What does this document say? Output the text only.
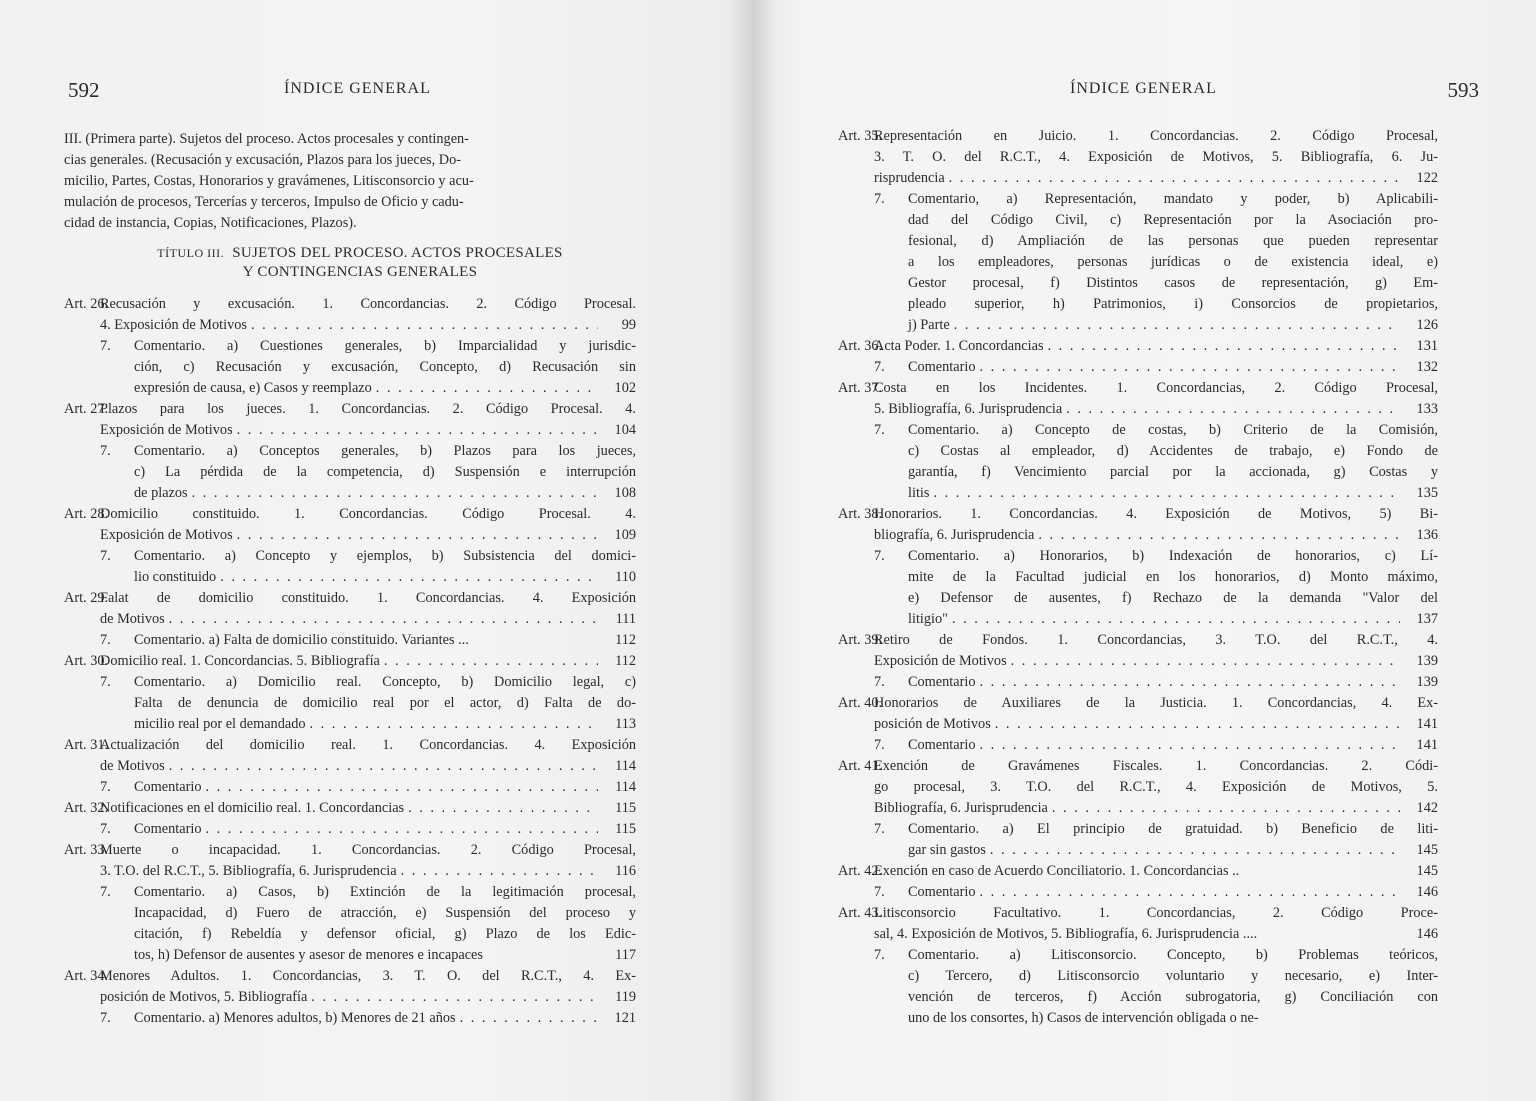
592	ÍNDICE GENERAL
III. (Primera parte). Sujetos del proceso. Actos procesales y contingen-
cias generales. (Recusación y excusación, Plazos para los jueces, Do-
micilio, Partes, Costas, Honorarios y gravámenes, Litisconsorcio y acu-
mulación de procesos, Tercerías y terceros, Impulso de Oficio y cadu-
cidad de instancia, Copias, Notificaciones, Plazos).
TÍTULO III. SUJETOS DEL PROCESO. ACTOS PROCESALES
Y CONTINGENCIAS GENERALES
Art. 26.
Recusación y excusación. 1. Concordancias. 2. Código Procesal.
4. Exposición de Motivos . . .	99
7. Comentario. a) Cuestiones generales, b) Imparcialidad y jurisdic-
ción, c) Recusación y excusación, Concepto, d) Recusación sin
expresión de causa, e) Casos y reemplazo . . .	102
Art. 27.
Plazos para los jueces. 1. Concordancias. 2. Código Procesal. 4.
Exposición de Motivos . . .	104
7. Comentario. a) Conceptos generales, b) Plazos para los jueces,
c) La pérdida de la competencia, d) Suspensión e interrupción
de plazos . . .	108
Art. 28.
Domicilio constituido. 1. Concordancias. Código Procesal. 4.
Exposición de Motivos . . .	109
7. Comentario. a) Concepto y ejemplos, b) Subsistencia del domici-
lio constituido . . .	110
Art. 29.
Falat de domicilio constituido. 1. Concordancias. 4. Exposición
de Motivos . . .	111
7. Comentario. a) Falta de domicilio constituido. Variantes ...	112
Art. 30.
Domicilio real. 1. Concordancias. 5. Bibliografía . . .	112
7. Comentario. a) Domicilio real. Concepto, b) Domicilio legal, c)
Falta de denuncia de domicilio real por el actor, d) Falta de do-
micilio real por el demandado . . .	113
Art. 31.
Actualización del domicilio real. 1. Concordancias. 4. Exposición
de Motivos . . .	114
7. Comentario . . .	114
Art. 32.
Notificaciones en el domicilio real. 1. Concordancias . . .	115
7. Comentario . . .	115
Art. 33.
Muerte o incapacidad. 1. Concordancias. 2. Código Procesal,
3. T.O. del R.C.T., 5. Bibliografía, 6. Jurisprudencia . . .	116
7. Comentario. a) Casos, b) Extinción de la legitimación procesal,
Incapacidad, d) Fuero de atracción, e) Suspensión del proceso y
citación, f) Rebeldía y defensor oficial, g) Plazo de los Edic-
tos, h) Defensor de ausentes y asesor de menores e incapaces	117
Art. 34.
Menores Adultos. 1. Concordancias, 3. T. O. del R.C.T., 4. Ex-
posición de Motivos, 5. Bibliografía . . .	119
7. Comentario. a) Menores adultos, b) Menores de 21 años . . .	121
ÍNDICE GENERAL	593
Art. 35.
Representación en Juicio. 1. Concordancias. 2. Código Procesal,
3. T. O. del R.C.T., 4. Exposición de Motivos, 5. Bibliografía, 6. Ju-
risprudencia . . .	122
7. Comentario, a) Representación, mandato y poder, b) Aplicabili-
dad del Código Civil, c) Representación por la Asociación pro-
fesional, d) Ampliación de las personas que pueden representar
a los empleadores, personas jurídicas o de existencia ideal, e)
Gestor procesal, f) Distintos casos de representación, g) Em-
pleado superior, h) Patrimonios, i) Consorcios de propietarios,
j) Parte . . .	126
Art. 36.
Acta Poder. 1. Concordancias . . .	131
7. Comentario . . .	132
Art. 37.
Costa en los Incidentes. 1. Concordancias, 2. Código Procesal,
5. Bibliografía, 6. Jurisprudencia . . .	133
7. Comentario. a) Concepto de costas, b) Criterio de la Comisión,
c) Costas al empleador, d) Accidentes de trabajo, e) Fondo de
garantía, f) Vencimiento parcial por la accionada, g) Costas y
litis . . .	135
Art. 38.
Honorarios. 1. Concordancias. 4. Exposición de Motivos, 5) Bi-
bliografía, 6. Jurisprudencia . . .	136
7. Comentario. a) Honorarios, b) Indexación de honorarios, c) Lí-
mite de la Facultad judicial en los honorarios, d) Monto máximo,
e) Defensor de ausentes, f) Rechazo de la demanda "Valor del
litigio" . . .	137
Art. 39.
Retiro de Fondos. 1. Concordancias, 3. T.O. del R.C.T., 4.
Exposición de Motivos . . .	139
7. Comentario . . .	139
Art. 40.
Honorarios de Auxiliares de la Justicia. 1. Concordancias, 4. Ex-
posición de Motivos . . .	141
7. Comentario . . .	141
Art. 41.
Exención de Gravámenes Fiscales. 1. Concordancias. 2. Códi-
go procesal, 3. T.O. del R.C.T., 4. Exposición de Motivos, 5.
Bibliografía, 6. Jurisprudencia . . .	142
7. Comentario. a) El principio de gratuidad. b) Beneficio de liti-
gar sin gastos . . .	145
Art. 42.
Exención en caso de Acuerdo Conciliatorio. 1. Concordancias ..	145
7. Comentario . . .	146
Art. 43.
Litisconsorcio Facultativo. 1. Concordancias, 2. Código Proce-
sal, 4. Exposición de Motivos, 5. Bibliografía, 6. Jurisprudencia ....	146
7. Comentario. a) Litisconsorcio. Concepto, b) Problemas teóricos,
c) Tercero, d) Litisconsorcio voluntario y necesario, e) Inter-
vención de terceros, f) Acción subrogatoria, g) Conciliación con
uno de los consortes, h) Casos de intervención obligada o ne-
